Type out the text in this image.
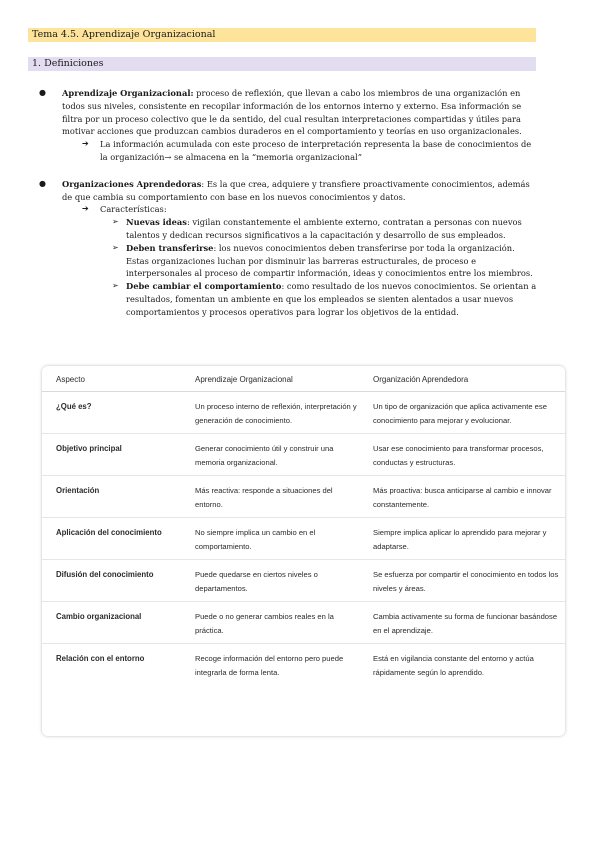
Tema 4.5. Aprendizaje Organizacional
1. Definiciones
● Aprendizaje Organizacional: proceso de reflexión, que llevan a cabo los miembros de una organización en todos sus niveles, consistente en recopilar información de los entornos interno y externo. Esa información se filtra por un proceso colectivo que le da sentido, del cual resultan interpretaciones compartidas y útiles para motivar acciones que produzcan cambios duraderos en el comportamiento y teorías en uso organizacionales.
➔ La información acumulada con este proceso de interpretación representa la base de conocimientos de la organización→ se almacena en la “memoria organizacional”
● Organizaciones Aprendedoras: Es la que crea, adquiere y transfiere proactivamente conocimientos, además de que cambia su comportamiento con base en los nuevos conocimientos y datos.
➔ Características:
➢ Nuevas ideas: vigilan constantemente el ambiente externo, contratan a personas con nuevos talentos y dedican recursos significativos a la capacitación y desarrollo de sus empleados.
➢ Deben transferirse: los nuevos conocimientos deben transferirse por toda la organización. Estas organizaciones luchan por disminuir las barreras estructurales, de proceso e interpersonales al proceso de compartir información, ideas y conocimientos entre los miembros.
➢ Debe cambiar el comportamiento: como resultado de los nuevos conocimientos. Se orientan a resultados, fomentan un ambiente en que los empleados se sienten alentados a usar nuevos comportamientos y procesos operativos para lograr los objetivos de la entidad.
Aspecto	Aprendizaje Organizacional	Organización Aprendedora
¿Qué es?	Un proceso interno de reflexión, interpretación y generación de conocimiento.	Un tipo de organización que aplica activamente ese conocimiento para mejorar y evolucionar.
Objetivo principal	Generar conocimiento útil y construir una memoria organizacional.	Usar ese conocimiento para transformar procesos, conductas y estructuras.
Orientación	Más reactiva: responde a situaciones del entorno.	Más proactiva: busca anticiparse al cambio e innovar constantemente.
Aplicación del conocimiento	No siempre implica un cambio en el comportamiento.	Siempre implica aplicar lo aprendido para mejorar y adaptarse.
Difusión del conocimiento	Puede quedarse en ciertos niveles o departamentos.	Se esfuerza por compartir el conocimiento en todos los niveles y áreas.
Cambio organizacional	Puede o no generar cambios reales en la práctica.	Cambia activamente su forma de funcionar basándose en el aprendizaje.
Relación con el entorno	Recoge información del entorno pero puede integrarla de forma lenta.	Está en vigilancia constante del entorno y actúa rápidamente según lo aprendido.
